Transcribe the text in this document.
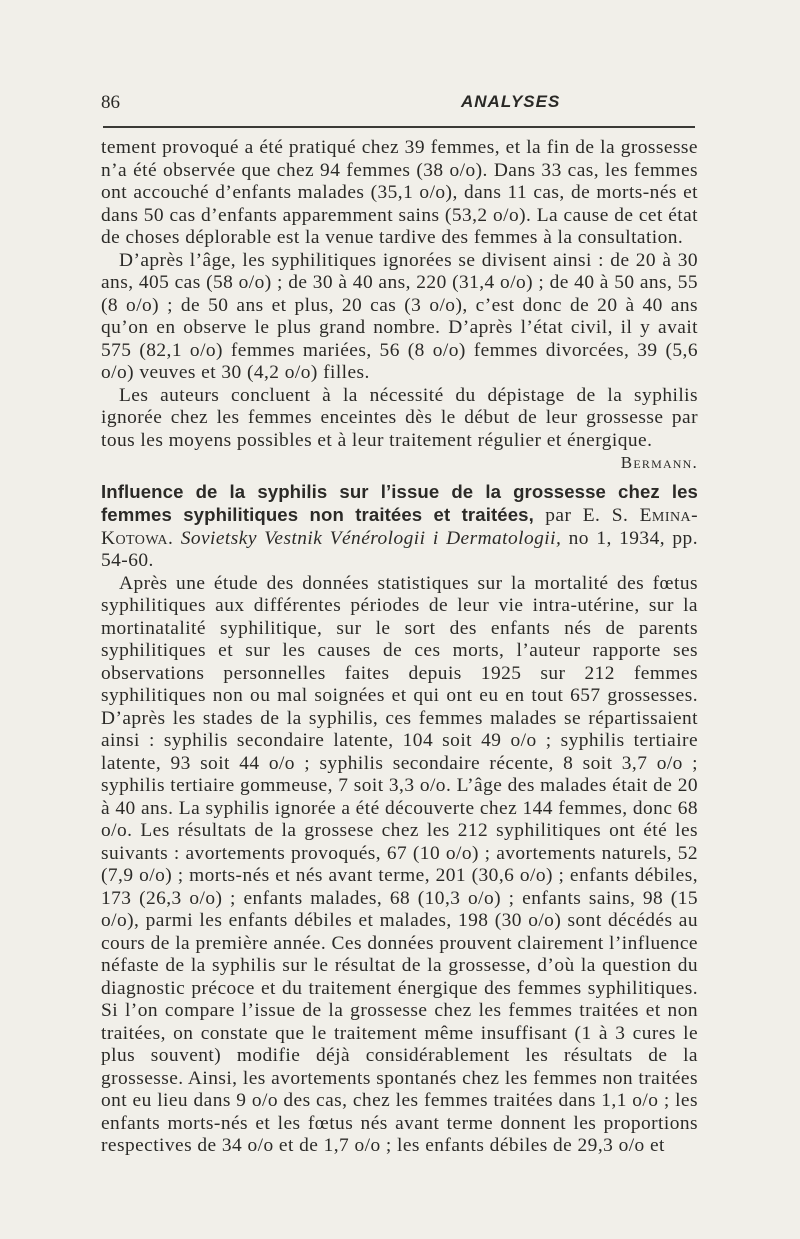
86	ANALYSES

tement provoqué a été pratiqué chez 39 femmes, et la fin de la grossesse n’a été observée que chez 94 femmes (38 o/o). Dans 33 cas, les femmes ont accouché d’enfants malades (35,1 o/o), dans 11 cas, de morts-nés et dans 50 cas d’enfants apparemment sains (53,2 o/o). La cause de cet état de choses déplorable est la venue tardive des femmes à la consultation.

D’après l’âge, les syphilitiques ignorées se divisent ainsi : de 20 à 30 ans, 405 cas (58 o/o) ; de 30 à 40 ans, 220 (31,4 o/o) ; de 40 à 50 ans, 55 (8 o/o) ; de 50 ans et plus, 20 cas (3 o/o), c’est donc de 20 à 40 ans qu’on en observe le plus grand nombre. D’après l’état civil, il y avait 575 (82,1 o/o) femmes mariées, 56 (8 o/o) femmes divorcées, 39 (5,6 o/o) veuves et 30 (4,2 o/o) filles.

Les auteurs concluent à la nécessité du dépistage de la syphilis ignorée chez les femmes enceintes dès le début de leur grossesse par tous les moyens possibles et à leur traitement régulier et énergique.

Bermann.

Influence de la syphilis sur l’issue de la grossesse chez les femmes syphilitiques non traitées et traitées, par E. S. Emina-Kotowa. Sovietsky Vestnik Vénérologii i Dermatologii, no 1, 1934, pp. 54-60.

Après une étude des données statistiques sur la mortalité des fœtus syphilitiques aux différentes périodes de leur vie intra-utérine, sur la mortinatalité syphilitique, sur le sort des enfants nés de parents syphilitiques et sur les causes de ces morts, l’auteur rapporte ses observations personnelles faites depuis 1925 sur 212 femmes syphilitiques non ou mal soignées et qui ont eu en tout 657 grossesses. D’après les stades de la syphilis, ces femmes malades se répartissaient ainsi : syphilis secondaire latente, 104 soit 49 o/o ; syphilis tertiaire latente, 93 soit 44 o/o ; syphilis secondaire récente, 8 soit 3,7 o/o ; syphilis tertiaire gommeuse, 7 soit 3,3 o/o. L’âge des malades était de 20 à 40 ans. La syphilis ignorée a été découverte chez 144 femmes, donc 68 o/o. Les résultats de la grossese chez les 212 syphilitiques ont été les suivants : avortements provoqués, 67 (10 o/o) ; avortements naturels, 52 (7,9 o/o) ; morts-nés et nés avant terme, 201 (30,6 o/o) ; enfants débiles, 173 (26,3 o/o) ; enfants malades, 68 (10,3 o/o) ; enfants sains, 98 (15 o/o), parmi les enfants débiles et malades, 198 (30 o/o) sont décédés au cours de la première année. Ces données prouvent clairement l’influence néfaste de la syphilis sur le résultat de la grossesse, d’où la question du diagnostic précoce et du traitement énergique des femmes syphilitiques. Si l’on compare l’issue de la grossesse chez les femmes traitées et non traitées, on constate que le traitement même insuffisant (1 à 3 cures le plus souvent) modifie déjà considérablement les résultats de la grossesse. Ainsi, les avortements spontanés chez les femmes non traitées ont eu lieu dans 9 o/o des cas, chez les femmes traitées dans 1,1 o/o ; les enfants morts-nés et les fœtus nés avant terme donnent les proportions respectives de 34 o/o et de 1,7 o/o ; les enfants débiles de 29,3 o/o et
